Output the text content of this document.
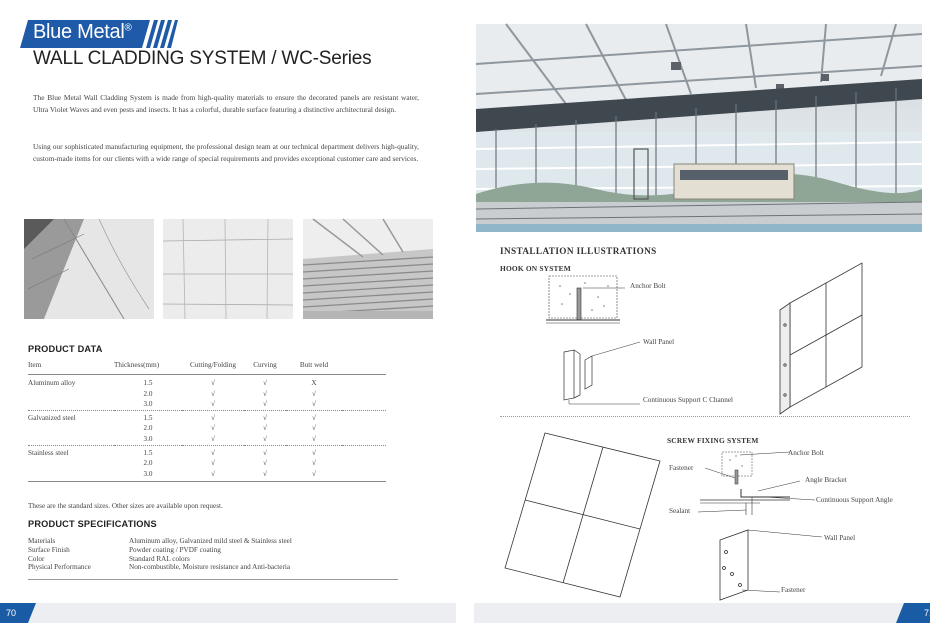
Blue Metal®
WALL CLADDING SYSTEM / WC-Series

The Blue Metal Wall Cladding System is made from high-quality materials to ensure the decorated panels are resistant water, Ultra Violet Waves and even pests and insects. It has a colorful, durable surface featuring a distinctive architectural design.

Using our sophisticated manufacturing equipment, the professional design team at our technical department delivers high-quality, custom-made items for our clients with a wide range of special requirements and provides exceptional customer care and services.

PRODUCT DATA
Item	Thickness(mm)	Cutting/Folding	Curving	Butt weld	
Aluminum alloy	1.5	√	√	X	
	2.0	√	√	√	
	3.0	√	√	√	
Galvanized steel	1.5	√	√	√	
	2.0	√	√	√	
	3.0	√	√	√	
Stainless steel	1.5	√	√	√	
	2.0	√	√	√	
	3.0	√	√	√	
These are the standard sizes. Other sizes are available upon request.
PRODUCT SPECIFICATIONS
Materials	Aluminum alloy, Galvanized mild steel & Stainless steel
Surface Finish	Powder coating / PVDF coating
Color	Standard RAL colors
Physical Performance	Non-combustible, Moisture resistance and Anti-bacteria
INSTALLATION ILLUSTRATIONS
HOOK ON SYSTEM
Anchor Bolt
Wall Panel
Continuous Support C Channel
SCREW FIXING SYSTEM
Anchor Bolt
Fastener
Angle Bracket
Continuous Support Angle
Sealant
Wall Panel
Fastener
70	71
